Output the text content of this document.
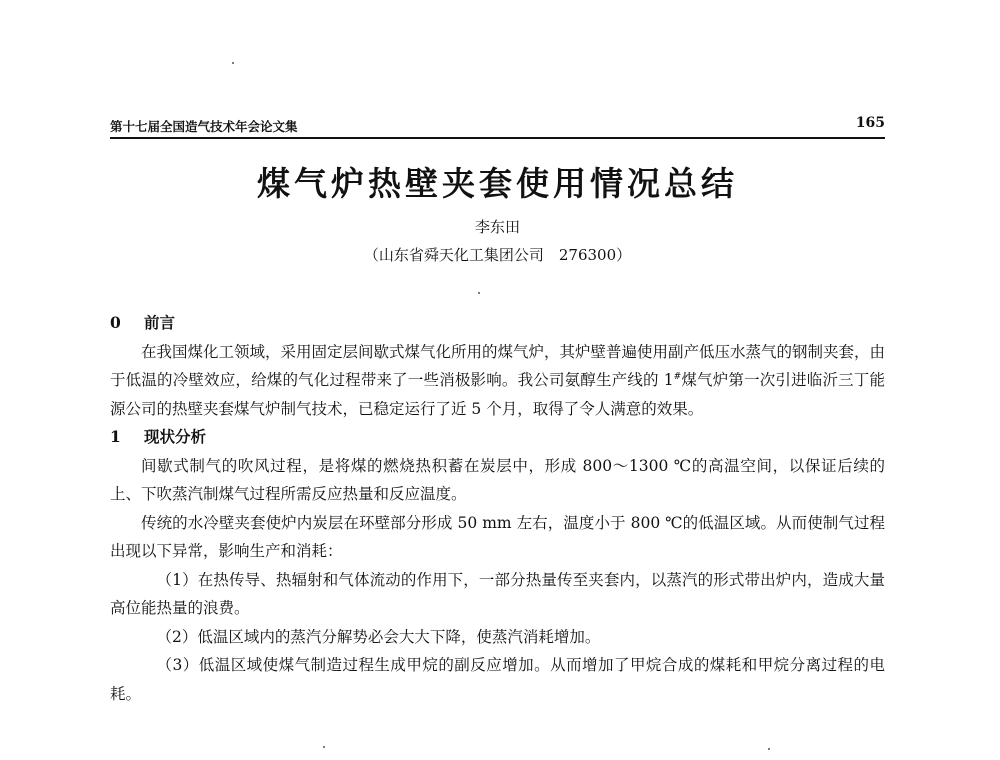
第十七届全国造气技术年会论文集	165
煤气炉热壁夹套使用情况总结
李东田
（山东省舜天化工集团公司　276300）
0 前言

在我国煤化工领域，采用固定层间歇式煤气化所用的煤气炉，其炉壁普遍使用副产低压水蒸气的钢制夹套，由于低温的冷壁效应，给煤的气化过程带来了一些消极影响。我公司氨醇生产线的 1#煤气炉第一次引进临沂三丁能源公司的热壁夹套煤气炉制气技术，已稳定运行了近 5 个月，取得了令人满意的效果。

1 现状分析

间歇式制气的吹风过程，是将煤的燃烧热积蓄在炭层中，形成 800～1300 ℃的高温空间，以保证后续的上、下吹蒸汽制煤气过程所需反应热量和反应温度。

传统的水冷壁夹套使炉内炭层在环壁部分形成 50 mm 左右，温度小于 800 ℃的低温区域。从而使制气过程出现以下异常，影响生产和消耗：

（1）在热传导、热辐射和气体流动的作用下，一部分热量传至夹套内，以蒸汽的形式带出炉内，造成大量高位能热量的浪费。

（2）低温区域内的蒸汽分解势必会大大下降，使蒸汽消耗增加。

（3）低温区域使煤气制造过程生成甲烷的副反应增加。从而增加了甲烷合成的煤耗和甲烷分离过程的电耗。
